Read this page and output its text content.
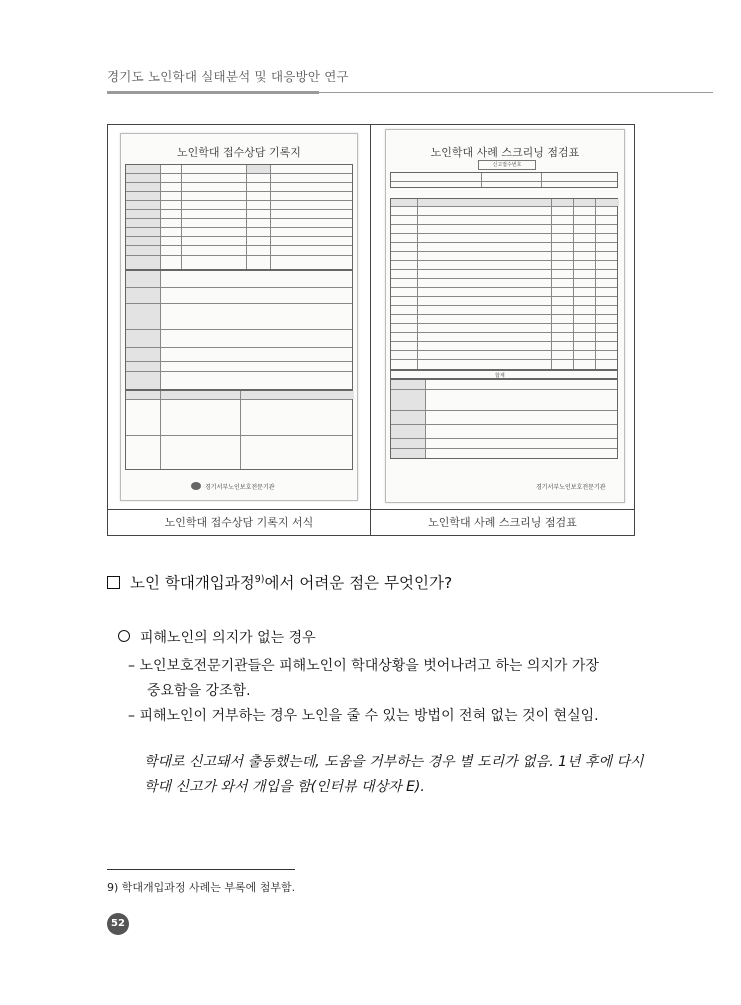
경기도 노인학대 실태분석 및 대응방안 연구
노인학대 접수상담 기록지
경기서부노인보호전문기관
노인학대 사례 스크리닝 점검표
신고접수번호
합계
경기서부노인보호전문기관
노인학대 접수상담 기록지 서식	노인학대 사례 스크리닝 점검표
노인 학대개입과정$^{9)}$에서 어려운 점은 무엇인가?
피해노인의 의지가 없는 경우
– 노인보호전문기관들은 피해노인이 학대상황을 벗어나려고 하는 의지가 가장
중요함을 강조함.
– 피해노인이 거부하는 경우 노인을 줄 수 있는 방법이 전혀 없는 것이 현실임.
학대로 신고돼서 출동했는데, 도움을 거부하는 경우 별 도리가 없음. 1년 후에 다시
학대 신고가 와서 개입을 함(인터뷰 대상자 E).
9) 학대개입과정 사례는 부록에 첨부함.
52
